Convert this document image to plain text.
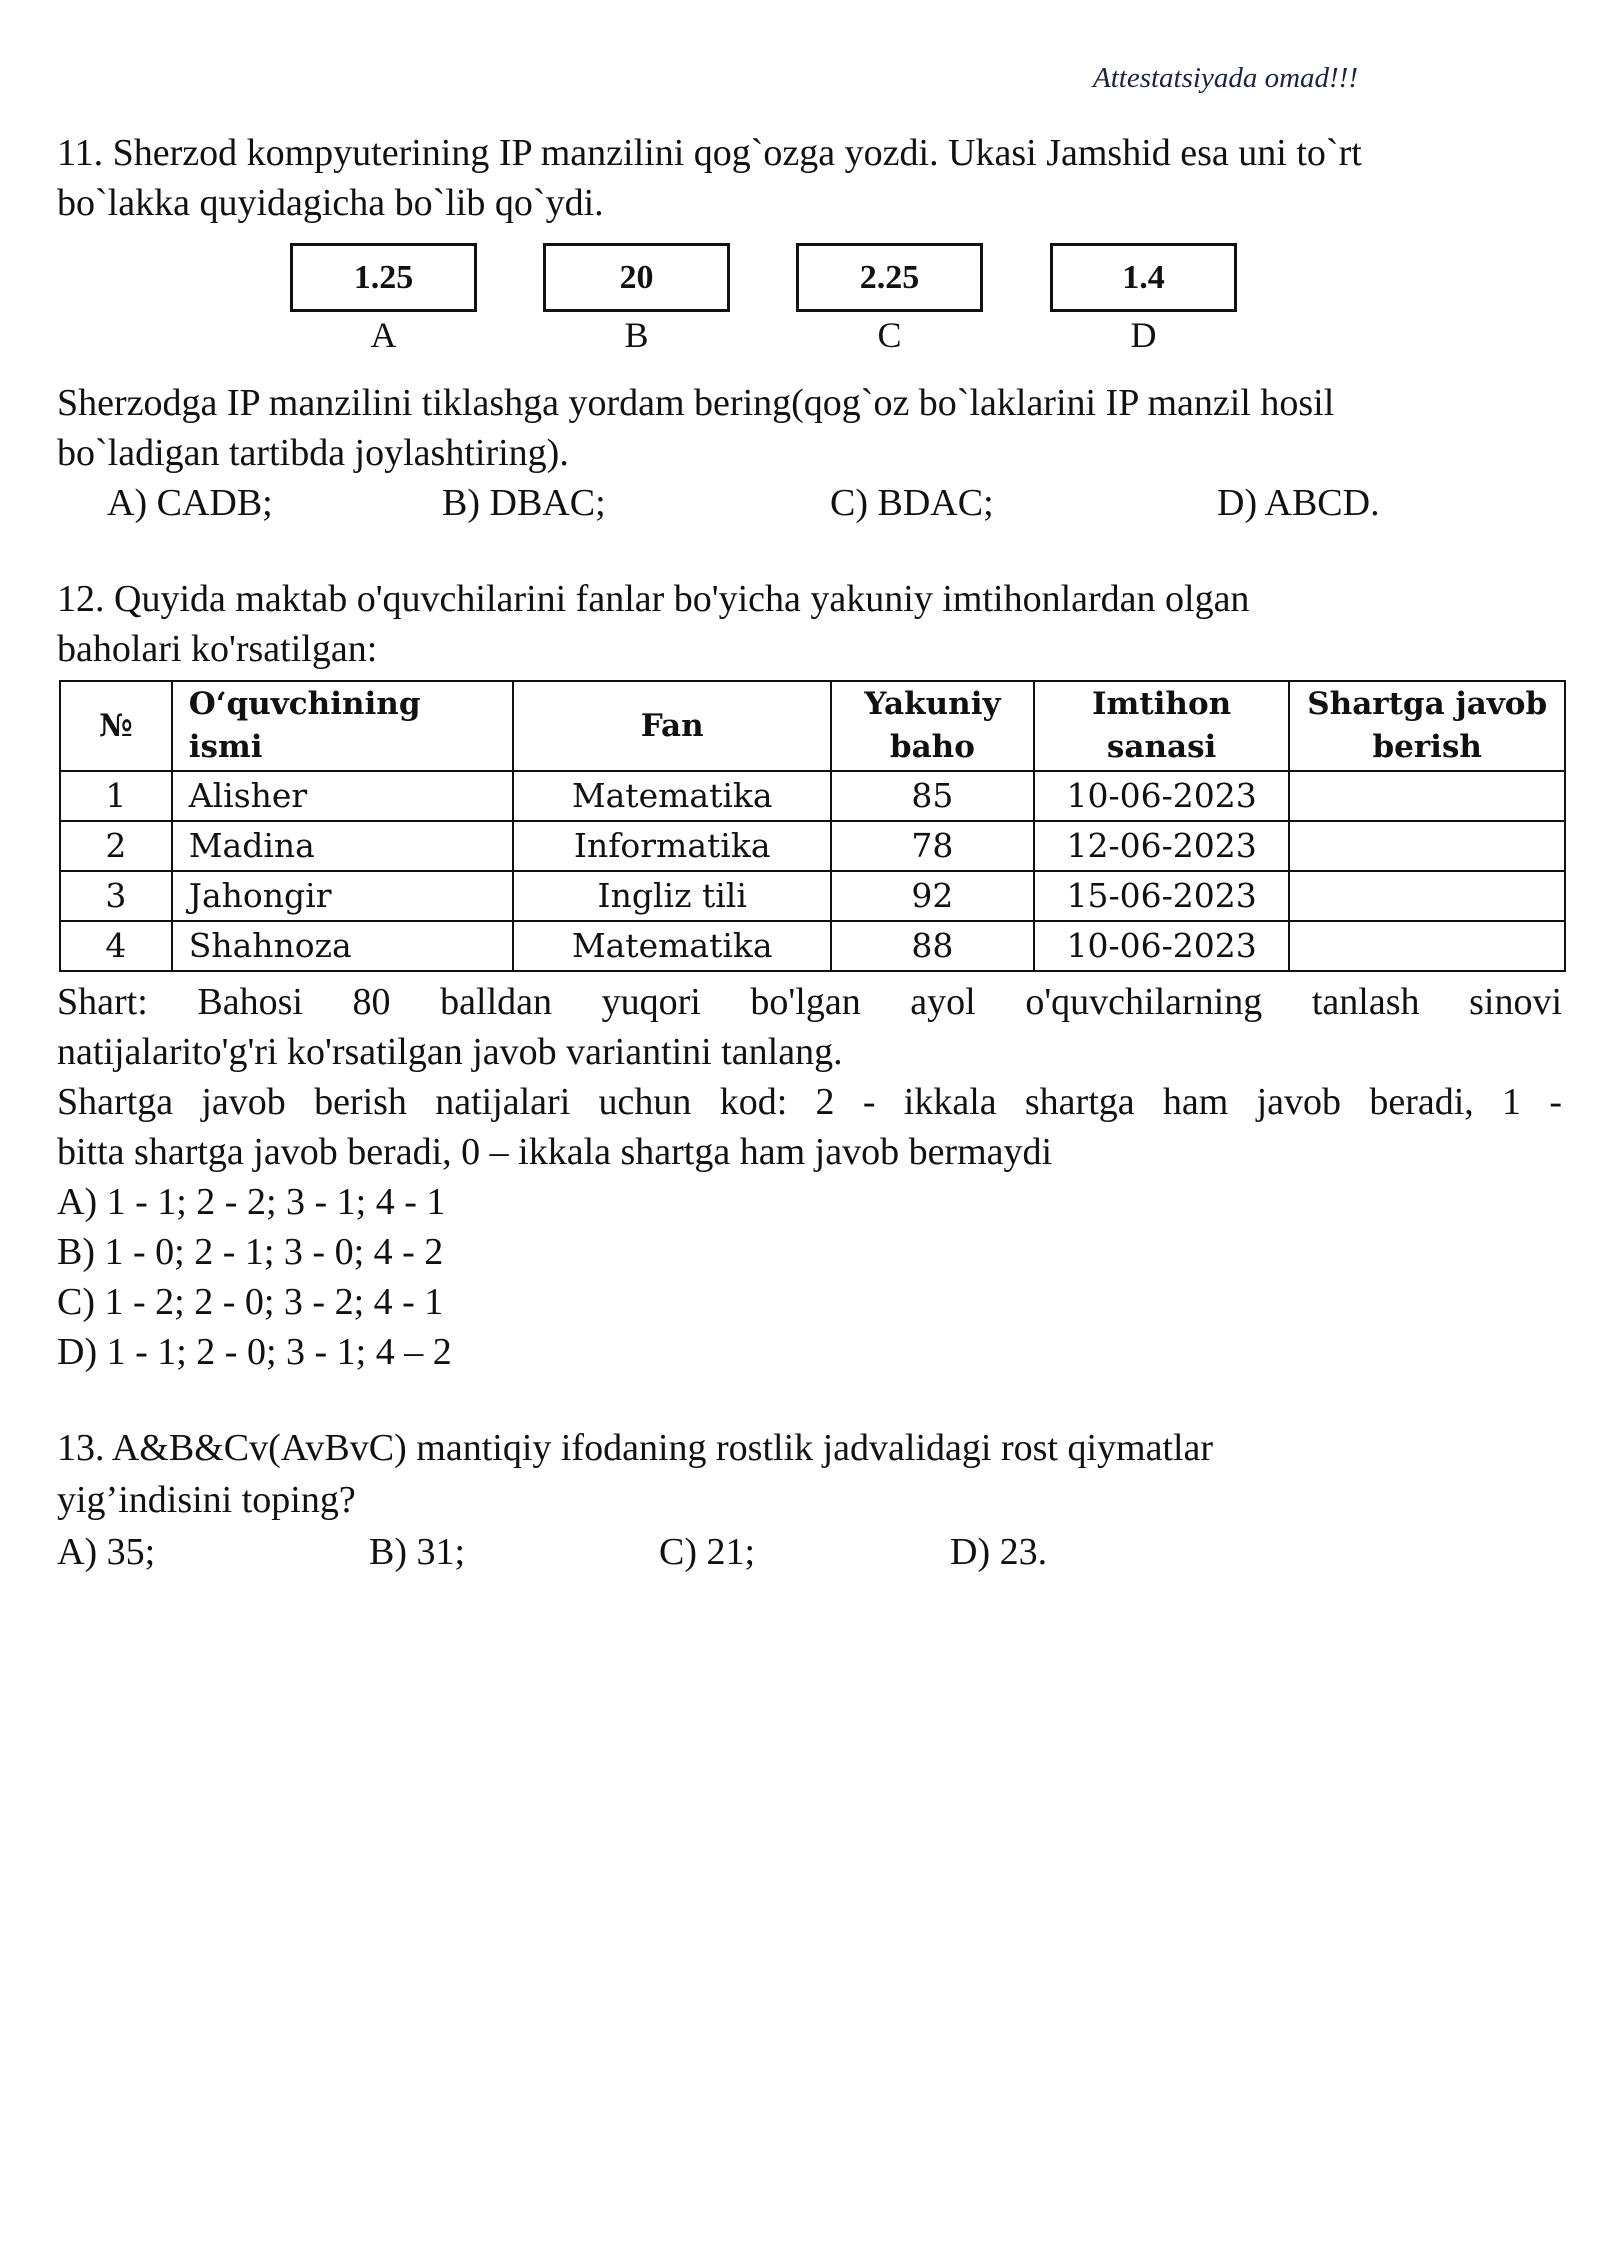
Attestatsiyada omad!!!
11. Sherzod kompyuterining IP manzilini qog`ozga yozdi. Ukasi Jamshid esa uni to`rt
bo`lakka quyidagicha bo`lib qo`ydi.
1.25
A
20
B
2.25
C
1.4
D
Sherzodga IP manzilini tiklashga yordam bering(qog`oz bo`laklarini IP manzil hosil
bo`ladigan tartibda joylashtiring).
A) CADB;	B) DBAC;	C) BDAC;	D) ABCD.
12. Quyida maktab o'quvchilarini fanlar bo'yicha yakuniy imtihonlardan olgan
baholari ko'rsatilgan:
№	O‘quvchining ismi	Fan	Yakuniy baho	Imtihon sanasi	Shartga javob berish
1	Alisher	Matematika	85	10-06-2023	
2	Madina	Informatika	78	12-06-2023	
3	Jahongir	Ingliz tili	92	15-06-2023	
4	Shahnoza	Matematika	88	10-06-2023	
Shart: Bahosi 80 balldan yuqori bo'lgan ayol o'quvchilarning tanlash sinovi
natijalarito'g'ri ko'rsatilgan javob variantini tanlang.
Shartga javob berish natijalari uchun kod: 2 - ikkala shartga ham javob beradi, 1 -
bitta shartga javob beradi, 0 – ikkala shartga ham javob bermaydi
A) 1 - 1; 2 - 2; 3 - 1; 4 - 1
B) 1 - 0; 2 - 1; 3 - 0; 4 - 2
C) 1 - 2; 2 - 0; 3 - 2; 4 - 1
D) 1 - 1; 2 - 0; 3 - 1; 4 – 2
13. A&B&Cv(AvBvC) mantiqiy ifodaning rostlik jadvalidagi rost qiymatlar
yig’indisini toping?
A) 35;	B) 31;	C) 21;	D) 23.
